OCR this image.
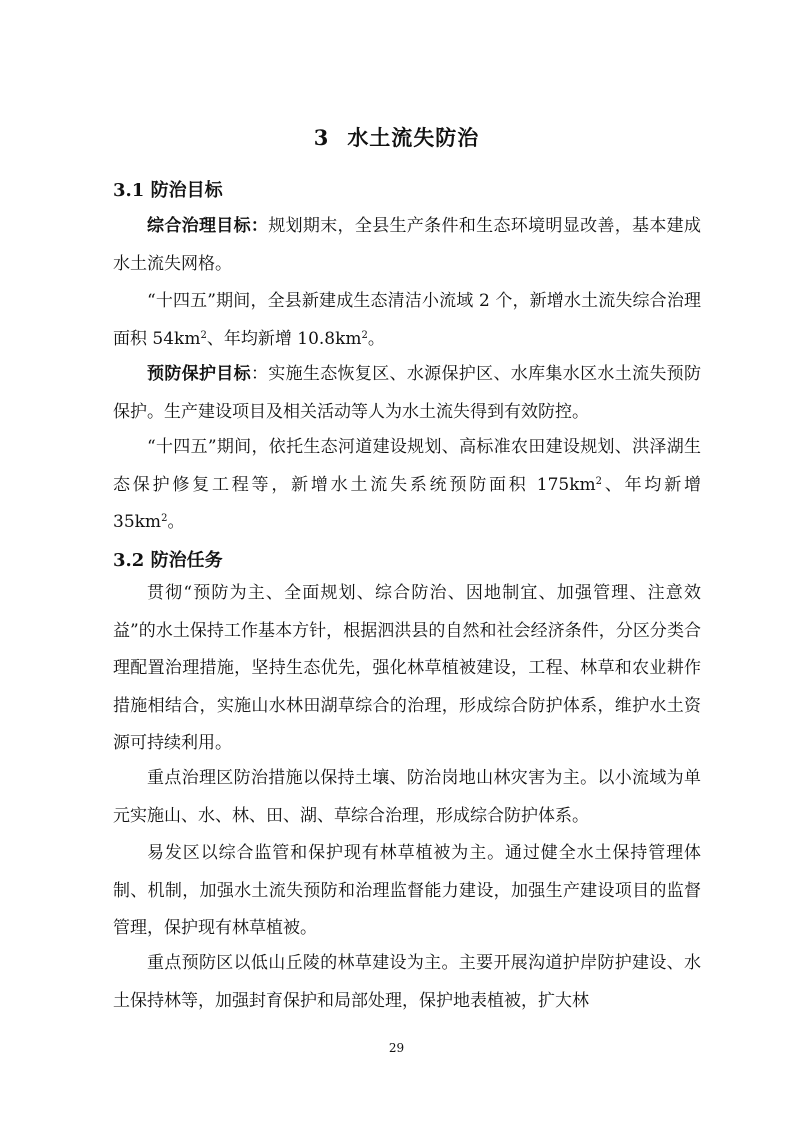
3 水土流失防治
3.1 防治目标

综合治理目标：规划期末，全县生产条件和生态环境明显改善，基本建成水土流失网格。

“十四五”期间，全县新建成生态清洁小流域 2 个，新增水土流失综合治理面积 $54km^2$、年均新增 $10.8km^2$。

预防保护目标：实施生态恢复区、水源保护区、水库集水区水土流失预防保护。生产建设项目及相关活动等人为水土流失得到有效防控。

“十四五”期间，依托生态河道建设规划、高标准农田建设规划、洪泽湖生态保护修复工程等，新增水土流失系统预防面积 $175km^2$、年均新增 $35km^2$。

3.2 防治任务

贯彻“预防为主、全面规划、综合防治、因地制宜、加强管理、注意效益”的水土保持工作基本方针，根据泗洪县的自然和社会经济条件，分区分类合理配置治理措施，坚持生态优先，强化林草植被建设，工程、林草和农业耕作措施相结合，实施山水林田湖草综合的治理，形成综合防护体系，维护水土资源可持续利用。

重点治理区防治措施以保持土壤、防治岗地山林灾害为主。以小流域为单元实施山、水、林、田、湖、草综合治理，形成综合防护体系。

易发区以综合监管和保护现有林草植被为主。通过健全水土保持管理体制、机制，加强水土流失预防和治理监督能力建设，加强生产建设项目的监督管理，保护现有林草植被。

重点预防区以低山丘陵的林草建设为主。主要开展沟道护岸防护建设、水土保持林等，加强封育保护和局部处理，保护地表植被，扩大林

29
